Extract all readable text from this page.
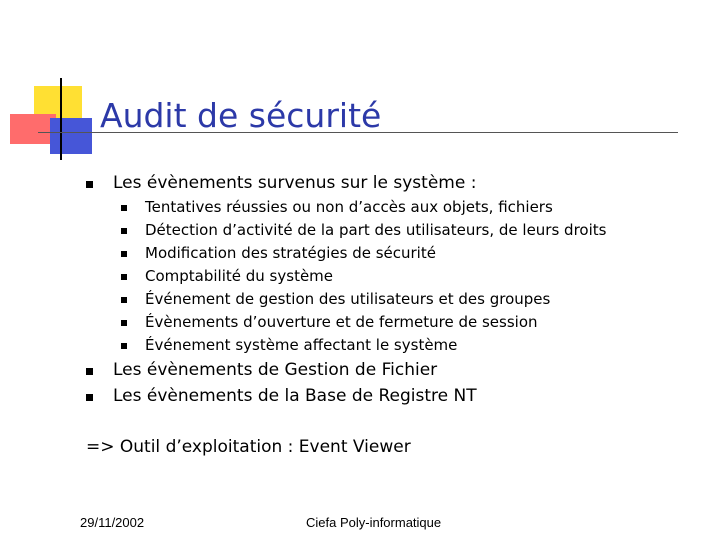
Audit de sécurité
Les évènements survenus sur le système :
Tentatives réussies ou non d’accès aux objets, fichiers
Détection d’activité de la part des utilisateurs, de leurs droits
Modification des stratégies de sécurité
Comptabilité du système
Événement de gestion des utilisateurs et des groupes
Évènements d’ouverture et de fermeture de session
Événement système affectant le système
Les évènements de Gestion de Fichier
Les évènements de la Base de Registre NT
=> Outil d’exploitation : Event Viewer
29/11/2002	Ciefa Poly-informatique
